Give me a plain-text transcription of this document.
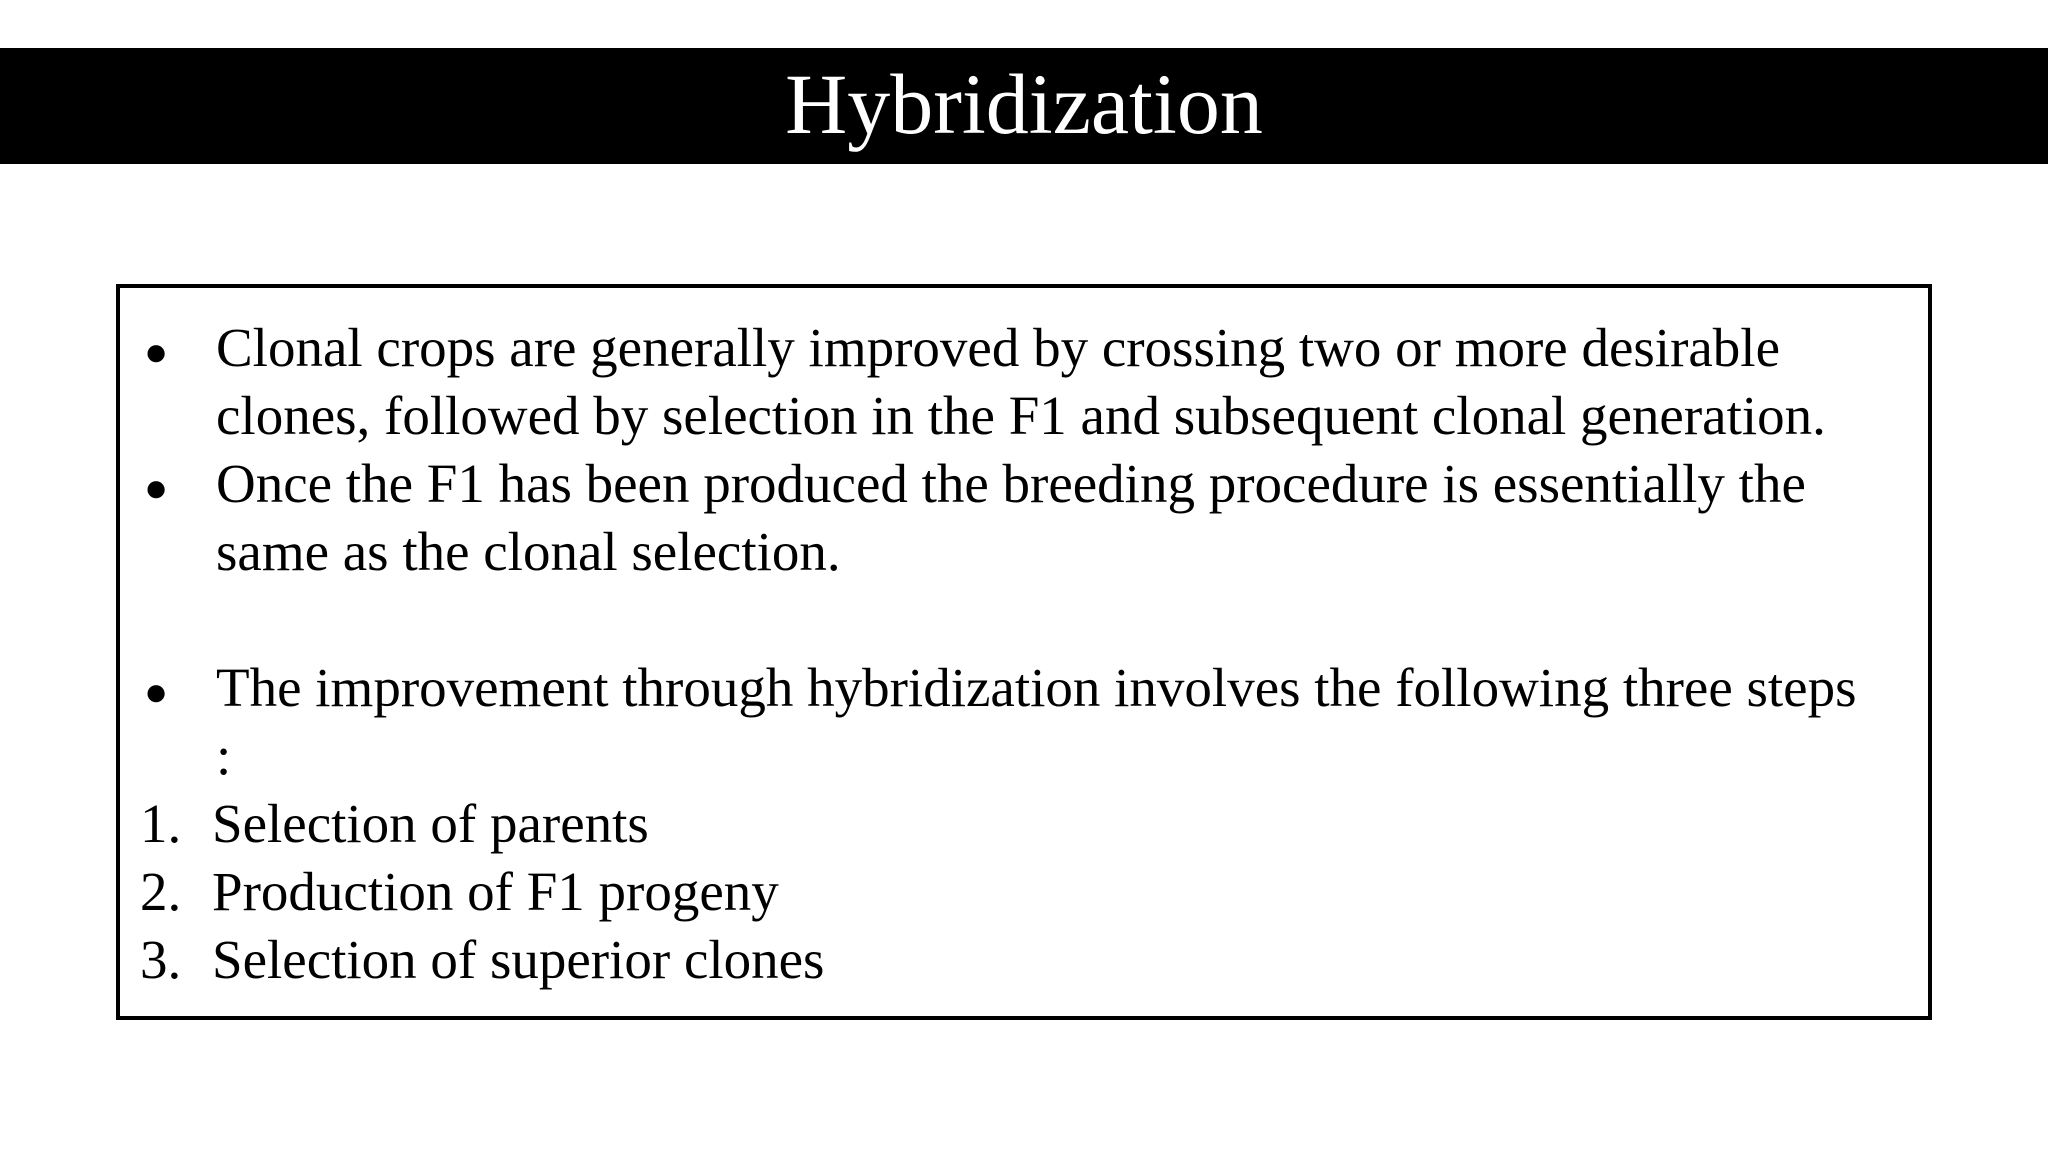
Hybridization
● Clonal crops are generally improved by crossing two or more desirable
clones, followed by selection in the F1 and subsequent clonal generation.
● Once the F1 has been produced the breeding procedure is essentially the
same as the clonal selection.
● The improvement through hybridization involves the following three steps
:
1. Selection of parents
2. Production of F1 progeny
3. Selection of superior clones
